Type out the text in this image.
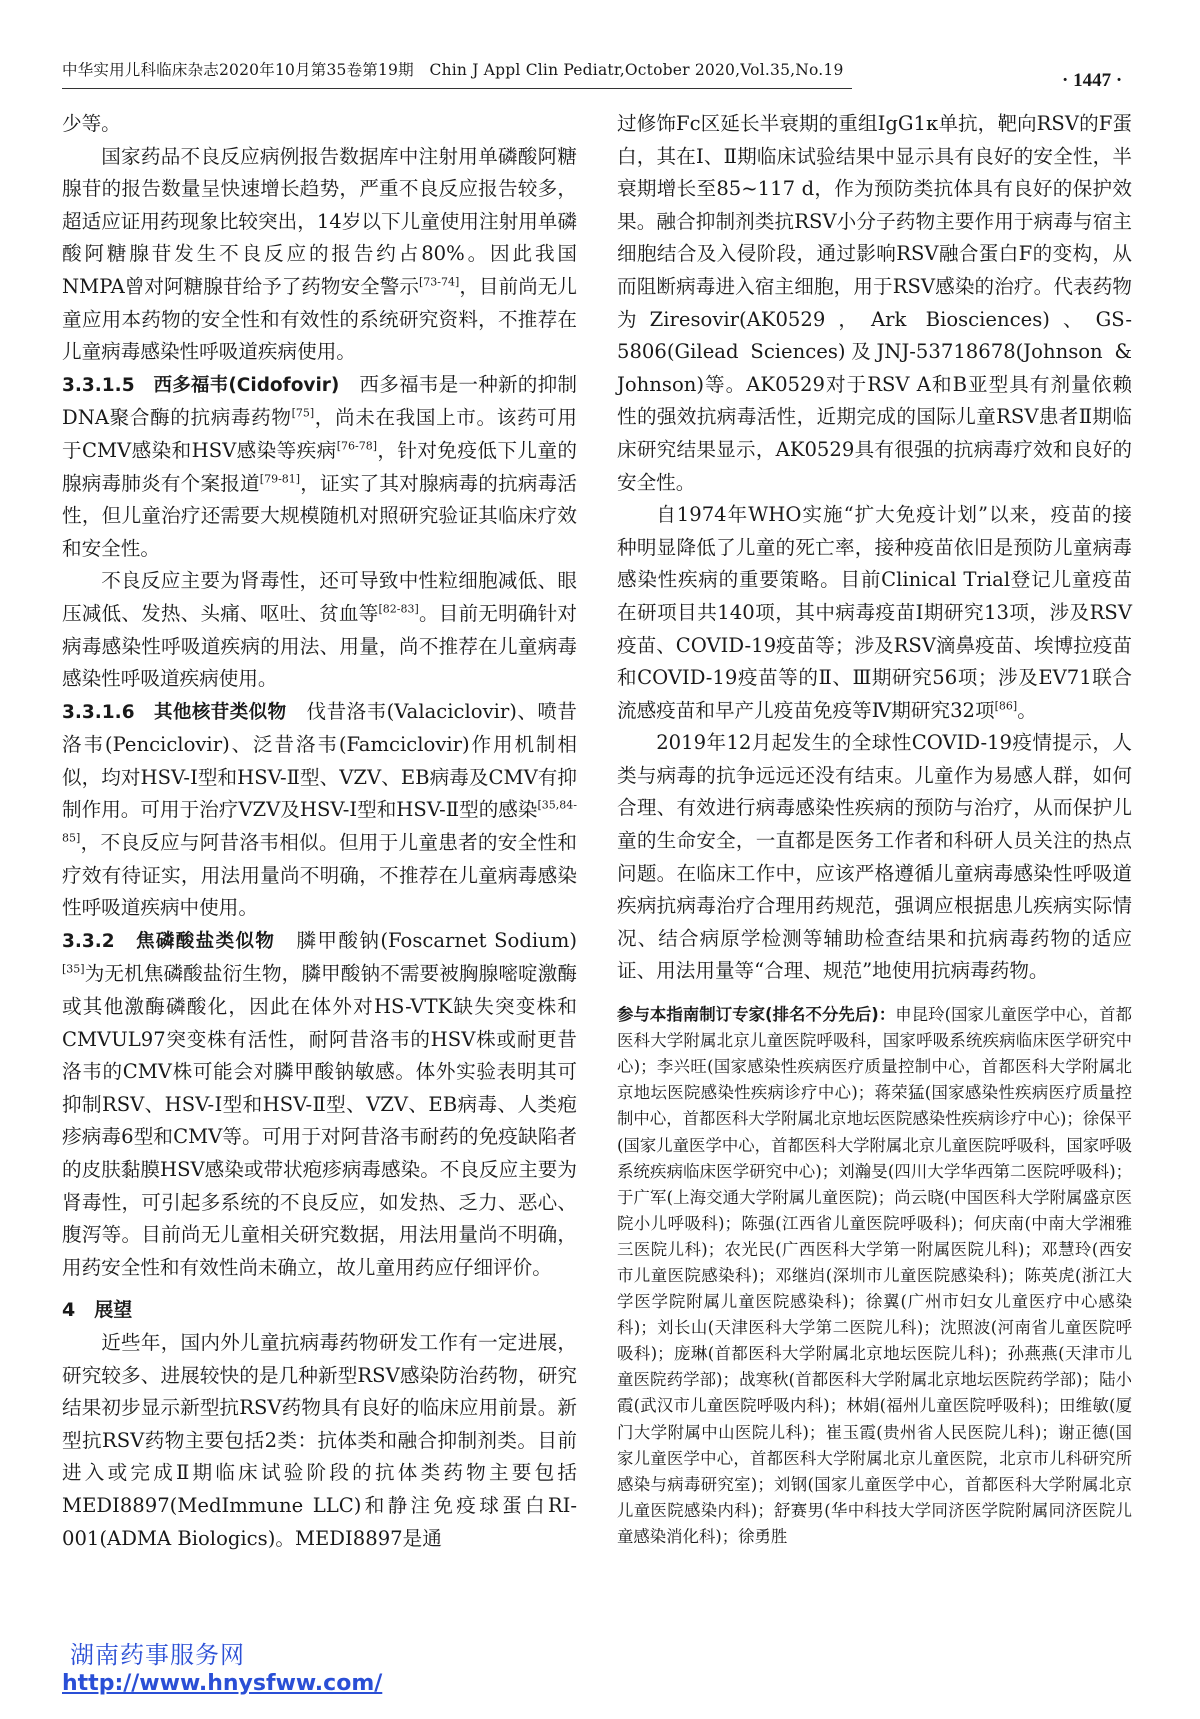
中华实用儿科临床杂志2020年10月第35卷第19期　Chin J Appl Clin Pediatr,October 2020,Vol.35,No.19	· 1447 ·

少等。

国家药品不良反应病例报告数据库中注射用单磷酸阿糖腺苷的报告数量呈快速增长趋势，严重不良反应报告较多，超适应证用药现象比较突出，14岁以下儿童使用注射用单磷酸阿糖腺苷发生不良反应的报告约占80%。因此我国NMPA曾对阿糖腺苷给予了药物安全警示[73-74]，目前尚无儿童应用本药物的安全性和有效性的系统研究资料，不推荐在儿童病毒感染性呼吸道疾病使用。

3.3.1.5　西多福韦(Cidofovir)　西多福韦是一种新的抑制DNA聚合酶的抗病毒药物[75]，尚未在我国上市。该药可用于CMV感染和HSV感染等疾病[76-78]，针对免疫低下儿童的腺病毒肺炎有个案报道[79-81]，证实了其对腺病毒的抗病毒活性，但儿童治疗还需要大规模随机对照研究验证其临床疗效和安全性。

不良反应主要为肾毒性，还可导致中性粒细胞减低、眼压减低、发热、头痛、呕吐、贫血等[82-83]。目前无明确针对病毒感染性呼吸道疾病的用法、用量，尚不推荐在儿童病毒感染性呼吸道疾病使用。

3.3.1.6　其他核苷类似物　伐昔洛韦(Valaciclovir)、喷昔洛韦(Penciclovir)、泛昔洛韦(Famciclovir)作用机制相似，均对HSV-Ⅰ型和HSV-Ⅱ型、VZV、EB病毒及CMV有抑制作用。可用于治疗VZV及HSV-Ⅰ型和HSV-Ⅱ型的感染[35,84-85]，不良反应与阿昔洛韦相似。但用于儿童患者的安全性和疗效有待证实，用法用量尚不明确，不推荐在儿童病毒感染性呼吸道疾病中使用。

3.3.2　焦磷酸盐类似物　膦甲酸钠(Foscarnet Sodium)[35]为无机焦磷酸盐衍生物，膦甲酸钠不需要被胸腺嘧啶激酶或其他激酶磷酸化，因此在体外对HS-VTK缺失突变株和CMVUL97突变株有活性，耐阿昔洛韦的HSV株或耐更昔洛韦的CMV株可能会对膦甲酸钠敏感。体外实验表明其可抑制RSV、HSV-Ⅰ型和HSV-Ⅱ型、VZV、EB病毒、人类疱疹病毒6型和CMV等。可用于对阿昔洛韦耐药的免疫缺陷者的皮肤黏膜HSV感染或带状疱疹病毒感染。不良反应主要为肾毒性，可引起多系统的不良反应，如发热、乏力、恶心、腹泻等。目前尚无儿童相关研究数据，用法用量尚不明确，用药安全性和有效性尚未确立，故儿童用药应仔细评价。

4　展望

近些年，国内外儿童抗病毒药物研发工作有一定进展，研究较多、进展较快的是几种新型RSV感染防治药物，研究结果初步显示新型抗RSV药物具有良好的临床应用前景。新型抗RSV药物主要包括2类：抗体类和融合抑制剂类。目前进入或完成Ⅱ期临床试验阶段的抗体类药物主要包括MEDI8897(MedImmune LLC)和静注免疫球蛋白RI-001(ADMA Biologics)。MEDI8897是通

过修饰Fc区延长半衰期的重组IgG1κ单抗，靶向RSV的F蛋白，其在Ⅰ、Ⅱ期临床试验结果中显示具有良好的安全性，半衰期增长至85~117 d，作为预防类抗体具有良好的保护效果。融合抑制剂类抗RSV小分子药物主要作用于病毒与宿主细胞结合及入侵阶段，通过影响RSV融合蛋白F的变构，从而阻断病毒进入宿主细胞，用于RSV感染的治疗。代表药物为Ziresovir(AK0529，Ark Biosciences)、GS-5806(Gilead Sciences)及JNJ-53718678(Johnson & Johnson)等。AK0529对于RSV A和B亚型具有剂量依赖性的强效抗病毒活性，近期完成的国际儿童RSV患者Ⅱ期临床研究结果显示，AK0529具有很强的抗病毒疗效和良好的安全性。

自1974年WHO实施“扩大免疫计划”以来，疫苗的接种明显降低了儿童的死亡率，接种疫苗依旧是预防儿童病毒感染性疾病的重要策略。目前Clinical Trial登记儿童疫苗在研项目共140项，其中病毒疫苗Ⅰ期研究13项，涉及RSV疫苗、COVID-19疫苗等；涉及RSV滴鼻疫苗、埃博拉疫苗和COVID-19疫苗等的Ⅱ、Ⅲ期研究56项；涉及EV71联合流感疫苗和早产儿疫苗免疫等Ⅳ期研究32项[86]。

2019年12月起发生的全球性COVID-19疫情提示，人类与病毒的抗争远远还没有结束。儿童作为易感人群，如何合理、有效进行病毒感染性疾病的预防与治疗，从而保护儿童的生命安全，一直都是医务工作者和科研人员关注的热点问题。在临床工作中，应该严格遵循儿童病毒感染性呼吸道疾病抗病毒治疗合理用药规范，强调应根据患儿疾病实际情况、结合病原学检测等辅助检查结果和抗病毒药物的适应证、用法用量等“合理、规范”地使用抗病毒药物。

参与本指南制订专家(排名不分先后)：申昆玲(国家儿童医学中心，首都医科大学附属北京儿童医院呼吸科，国家呼吸系统疾病临床医学研究中心)；李兴旺(国家感染性疾病医疗质量控制中心，首都医科大学附属北京地坛医院感染性疾病诊疗中心)；蒋荣猛(国家感染性疾病医疗质量控制中心，首都医科大学附属北京地坛医院感染性疾病诊疗中心)；徐保平(国家儿童医学中心，首都医科大学附属北京儿童医院呼吸科，国家呼吸系统疾病临床医学研究中心)；刘瀚旻(四川大学华西第二医院呼吸科)；于广军(上海交通大学附属儿童医院)；尚云晓(中国医科大学附属盛京医院小儿呼吸科)；陈强(江西省儿童医院呼吸科)；何庆南(中南大学湘雅三医院儿科)；农光民(广西医科大学第一附属医院儿科)；邓慧玲(西安市儿童医院感染科)；邓继岿(深圳市儿童医院感染科)；陈英虎(浙江大学医学院附属儿童医院感染科)；徐翼(广州市妇女儿童医疗中心感染科)；刘长山(天津医科大学第二医院儿科)；沈照波(河南省儿童医院呼吸科)；庞琳(首都医科大学附属北京地坛医院儿科)；孙燕燕(天津市儿童医院药学部)；战寒秋(首都医科大学附属北京地坛医院药学部)；陆小霞(武汉市儿童医院呼吸内科)；林娟(福州儿童医院呼吸科)；田维敏(厦门大学附属中山医院儿科)；崔玉霞(贵州省人民医院儿科)；谢正德(国家儿童医学中心，首都医科大学附属北京儿童医院，北京市儿科研究所感染与病毒研究室)；刘钢(国家儿童医学中心，首都医科大学附属北京儿童医院感染内科)；舒赛男(华中科技大学同济医学院附属同济医院儿童感染消化科)；徐勇胜

湖南药事服务网
http://www.hnysfww.com/
